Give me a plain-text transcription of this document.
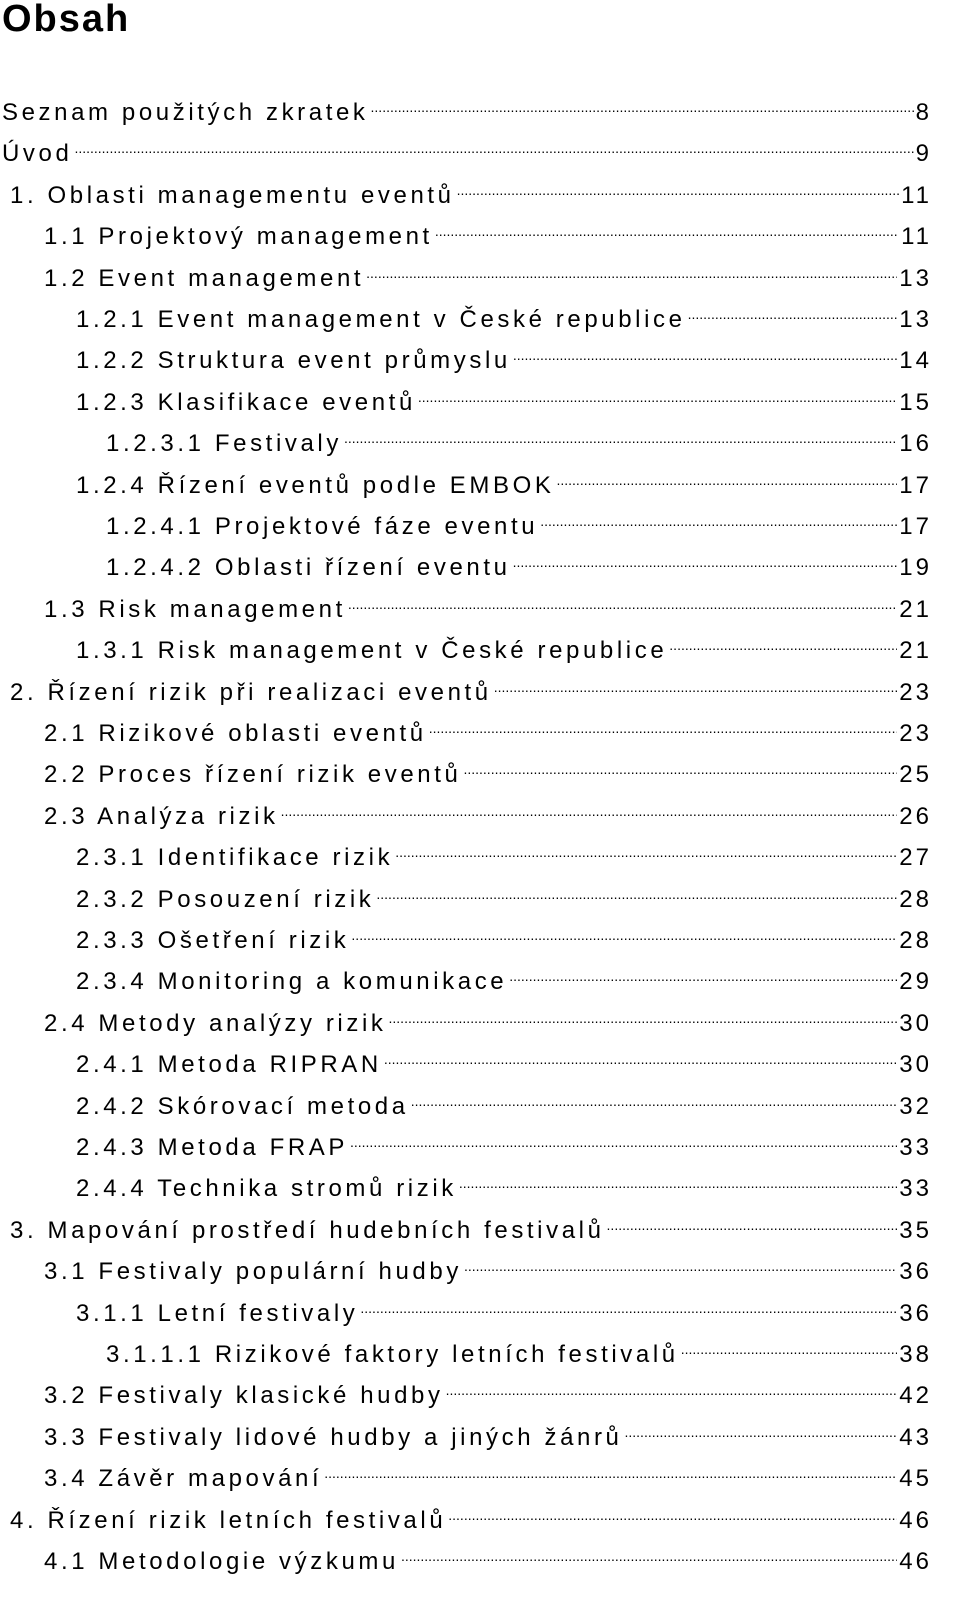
Obsah
Seznam použitých zkratek .....	8
Úvod .....	9
1. Oblasti managementu eventů .....	11
1.1 Projektový management .....	11
1.2 Event management .....	13
1.2.1 Event management v České republice .....	13
1.2.2 Struktura event průmyslu .....	14
1.2.3 Klasifikace eventů .....	15
1.2.3.1 Festivaly .....	16
1.2.4 Řízení eventů podle EMBOK .....	17
1.2.4.1 Projektové fáze eventu .....	17
1.2.4.2 Oblasti řízení eventu .....	19
1.3 Risk management .....	21
1.3.1 Risk management v České republice .....	21
2. Řízení rizik při realizaci eventů .....	23
2.1 Rizikové oblasti eventů .....	23
2.2 Proces řízení rizik eventů .....	25
2.3 Analýza rizik .....	26
2.3.1 Identifikace rizik .....	27
2.3.2 Posouzení rizik .....	28
2.3.3 Ošetření rizik .....	28
2.3.4 Monitoring a komunikace .....	29
2.4 Metody analýzy rizik .....	30
2.4.1 Metoda RIPRAN .....	30
2.4.2 Skórovací metoda .....	32
2.4.3 Metoda FRAP .....	33
2.4.4 Technika stromů rizik .....	33
3. Mapování prostředí hudebních festivalů .....	35
3.1 Festivaly populární hudby .....	36
3.1.1 Letní festivaly .....	36
3.1.1.1 Rizikové faktory letních festivalů .....	38
3.2 Festivaly klasické hudby .....	42
3.3 Festivaly lidové hudby a jiných žánrů .....	43
3.4 Závěr mapování .....	45
4. Řízení rizik letních festivalů .....	46
4.1 Metodologie výzkumu .....	46
